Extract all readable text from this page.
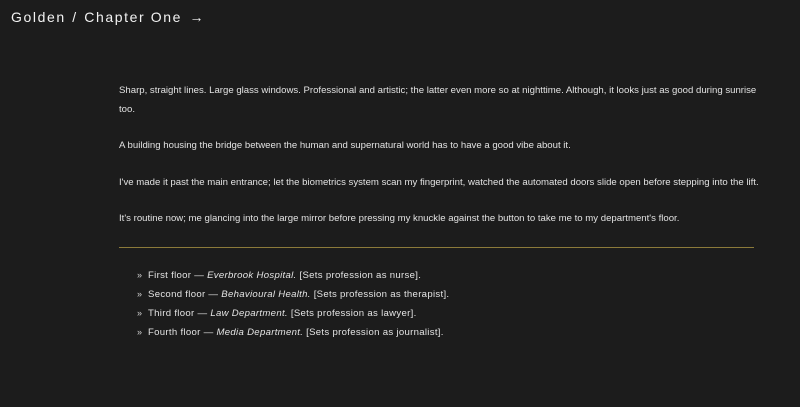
Golden / Chapter One →

Sharp, straight lines. Large glass windows. Professional and artistic; the latter even more so at nighttime. Although, it looks just as good during sunrise too.

A building housing the bridge between the human and supernatural world has to have a good vibe about it.

I've made it past the main entrance; let the biometrics system scan my fingerprint, watched the automated doors slide open before stepping into the lift.

It's routine now; me glancing into the large mirror before pressing my knuckle against the button to take me to my department's floor.

» First floor — Everbrook Hospital. [Sets profession as nurse].
» Second floor — Behavioural Health. [Sets profession as therapist].
» Third floor — Law Department. [Sets profession as lawyer].
» Fourth floor — Media Department. [Sets profession as journalist].
